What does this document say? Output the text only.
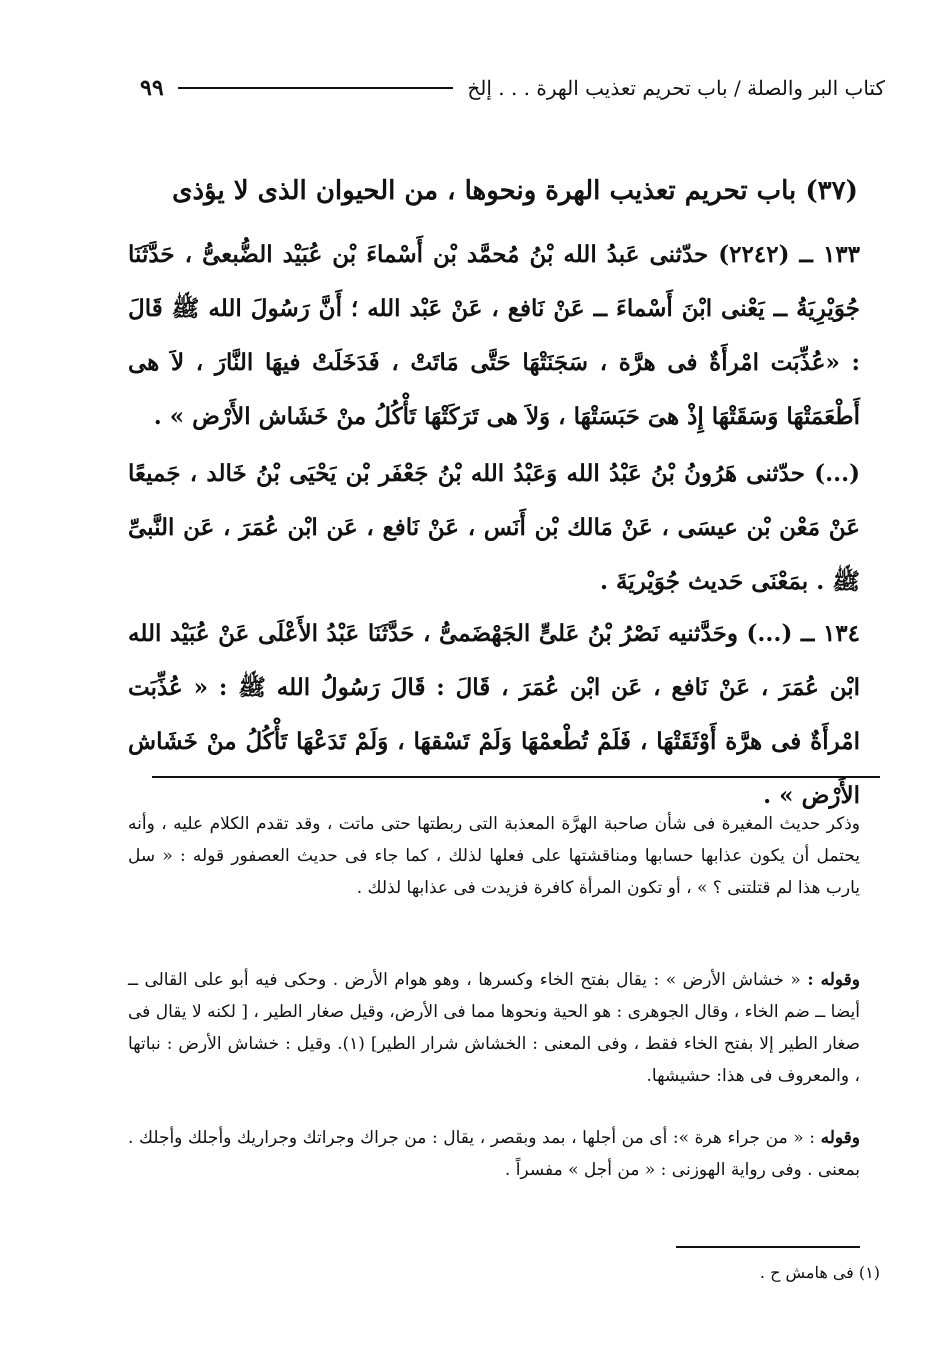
كتاب البر والصلة / باب تحريم تعذيب الهرة . . . إلخ
٩٩
(٣٧) باب تحريم تعذيب الهرة ونحوها ، من الحيوان الذى لا يؤذى

١٣٣ ــ (٢٢٤٢) حدّثنى عَبدُ الله بْنُ مُحمَّد بْن أَسْماءَ بْن عُبَيْد الضُّبعىُّ ، حَدَّثَنَا جُوَيْرِيَةُ ــ يَعْنى ابْنَ أَسْماءَ ــ عَنْ نَافع ، عَنْ عَبْد الله ؛ أَنَّ رَسُولَ الله ﷺ قَالَ : «عُذِّبَت امْرأَةٌ فى هرَّة ، سَجَنَتْهَا حَتَّى مَاتَتْ ، فَدَخَلَتْ فيهَا النَّارَ ، لاَ هى أَطْعَمَتْهَا وَسَقَتْهَا إِذْ هىَ حَبَسَتْهَا ، وَلاَ هى تَرَكَتْهَا تَأْكُلُ منْ خَشَاش الأَرْض » .

(...) حدّثنى هَرُونُ بْنُ عَبْدُ الله وَعَبْدُ الله بْنُ جَعْفَر بْن يَحْيَى بْنُ خَالد ، جَميعًا عَنْ مَعْن بْن عيسَى ، عَنْ مَالك بْن أَنَس ، عَنْ نَافع ، عَن ابْن عُمَرَ ، عَن النَّبىِّ ﷺ . بمَعْنَى حَديث جُوَيْريَةَ .

١٣٤ ــ (...) وحَدَّثنيه نَصْرُ بْنُ عَلىٍّ الجَهْضَمىُّ ، حَدَّثَنَا عَبْدُ الأَعْلَى عَنْ عُبَيْد الله ابْن عُمَرَ ، عَنْ نَافع ، عَن ابْن عُمَرَ ، قَالَ : قَالَ رَسُولُ الله ﷺ : « عُذِّبَت امْرأَةٌ فى هرَّة أَوْثَقَتْهَا ، فَلَمْ تُطْعمْهَا وَلَمْ تَسْقهَا ، وَلَمْ تَدَعْهَا تَأْكُلُ منْ خَشَاش الأَرْض » .

وذكر حديث المغيرة فى شأن صاحبة الهرَّة المعذبة التى ربطتها حتى ماتت ، وقد تقدم الكلام عليه ، وأنه يحتمل أن يكون عذابها حسابها ومناقشتها على فعلها لذلك ، كما جاء فى حديث العصفور قوله : « سل يارب هذا لم قتلتنى ؟ » ، أو تكون المرأة كافرة فزيدت فى عذابها لذلك .

وقوله : « خشاش الأرض » : يقال بفتح الخاء وكسرها ، وهو هوام الأرض . وحكى فيه أبو على القالى ــ أيضا ــ ضم الخاء ، وقال الجوهرى : هو الحية ونحوها مما فى الأرض، وقيل صغار الطير ، [ لكنه لا يقال فى صغار الطير إلا بفتح الخاء فقط ، وفى المعنى : الخشاش شرار الطير] (١). وقيل : خشاش الأرض : نباتها ، والمعروف فى هذا: حشيشها.

وقوله : « من جراء هرة »: أى من أجلها ، بمد وبقصر ، يقال : من جراك وجراتك وجراريك وأجلك وأجلك . بمعنى . وفى رواية الهوزنى : « من أجل » مفسراً .

(١) فى هامش ح .
